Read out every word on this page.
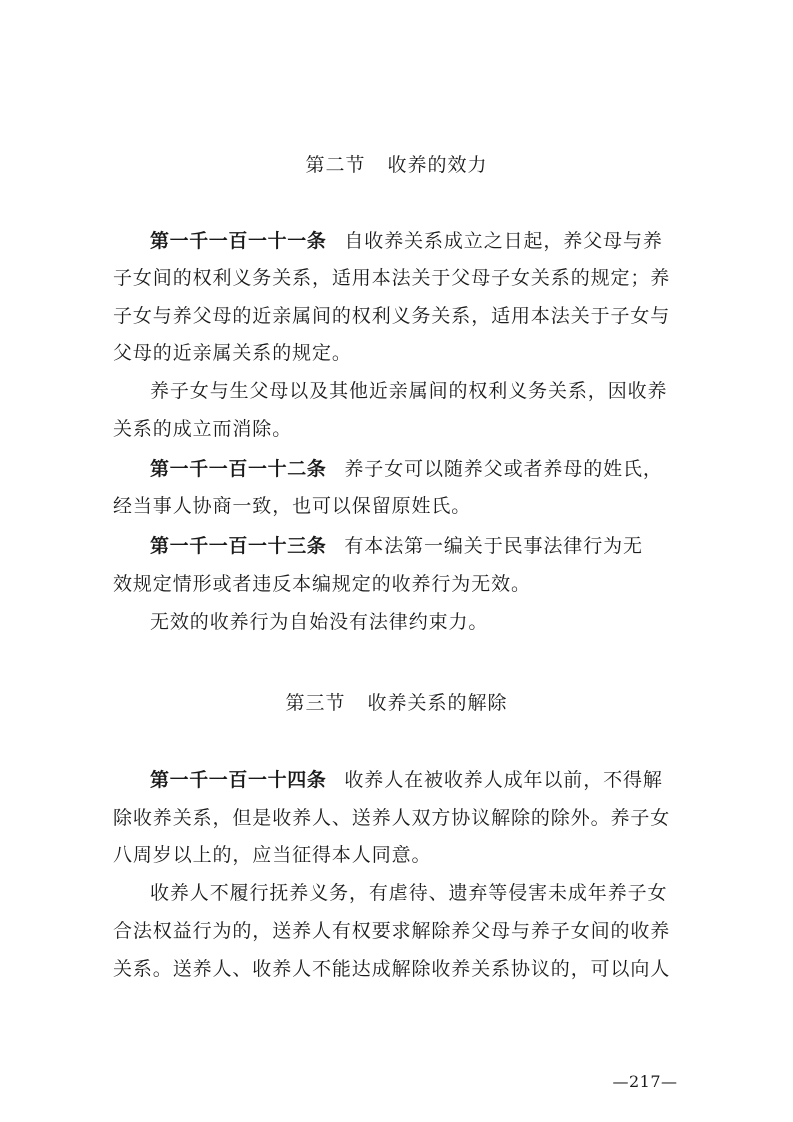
第二节 收养的效力
第一千一百一十一条 自收养关系成立之日起，养父母与养
子女间的权利义务关系，适用本法关于父母子女关系的规定；养
子女与养父母的近亲属间的权利义务关系，适用本法关于子女与
父母的近亲属关系的规定。
养子女与生父母以及其他近亲属间的权利义务关系，因收养
关系的成立而消除。
第一千一百一十二条 养子女可以随养父或者养母的姓氏，
经当事人协商一致，也可以保留原姓氏。
第一千一百一十三条 有本法第一编关于民事法律行为无
效规定情形或者违反本编规定的收养行为无效。
无效的收养行为自始没有法律约束力。
第三节 收养关系的解除
第一千一百一十四条 收养人在被收养人成年以前，不得解
除收养关系，但是收养人、送养人双方协议解除的除外。养子女
八周岁以上的，应当征得本人同意。
收养人不履行抚养义务，有虐待、遗弃等侵害未成年养子女
合法权益行为的，送养人有权要求解除养父母与养子女间的收养
关系。送养人、收养人不能达成解除收养关系协议的，可以向人
—217—
